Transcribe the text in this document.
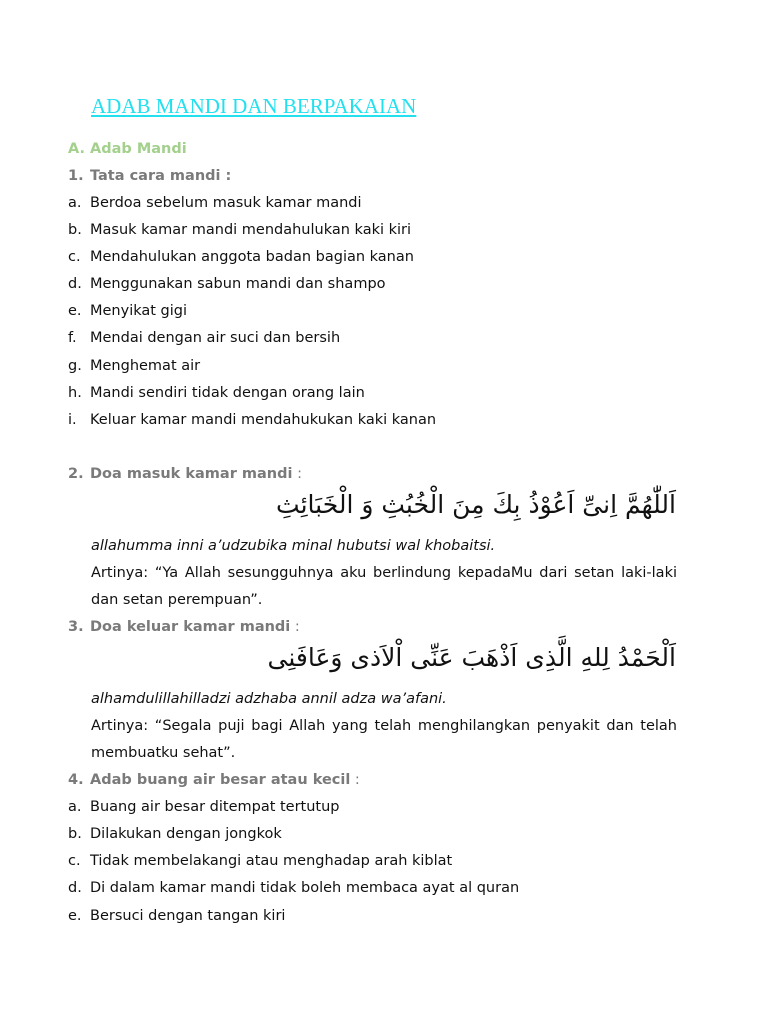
ADAB MANDI DAN BERPAKAIAN
A. Adab Mandi
1. Tata cara mandi :
a. Berdoa sebelum masuk kamar mandi
b. Masuk kamar mandi mendahulukan kaki kiri
c. Mendahulukan anggota badan bagian kanan
d. Menggunakan sabun mandi dan shampo
e. Menyikat gigi
f. Mendai dengan air suci dan bersih
g. Menghemat air
h. Mandi sendiri tidak dengan orang lain
i. Keluar kamar mandi mendahukukan kaki kanan
2. Doa masuk kamar mandi :
اَللّٰهُمَّ اِنىِّ اَعُوْذُ بِكَ مِنَ الْخُبُثِ وَ الْخَبَائِثِ
allahumma inni a’udzubika minal hubutsi wal khobaitsi.
Artinya: “Ya Allah sesungguhnya aku berlindung kepadaMu dari setan laki-laki dan setan perempuan”.
3. Doa keluar kamar mandi :
اَلْحَمْدُ لِلهِ الَّذِى اَذْهَبَ عَنِّى اْلاَذى وَعَافَنِى
alhamdulillahilladzi adzhaba annil adza wa’afani.
Artinya: “Segala puji bagi Allah yang telah menghilangkan penyakit dan telah membuatku sehat”.
4. Adab buang air besar atau kecil :
a. Buang air besar ditempat tertutup
b. Dilakukan dengan jongkok
c. Tidak membelakangi atau menghadap arah kiblat
d. Di dalam kamar mandi tidak boleh membaca ayat al quran
e. Bersuci dengan tangan kiri
